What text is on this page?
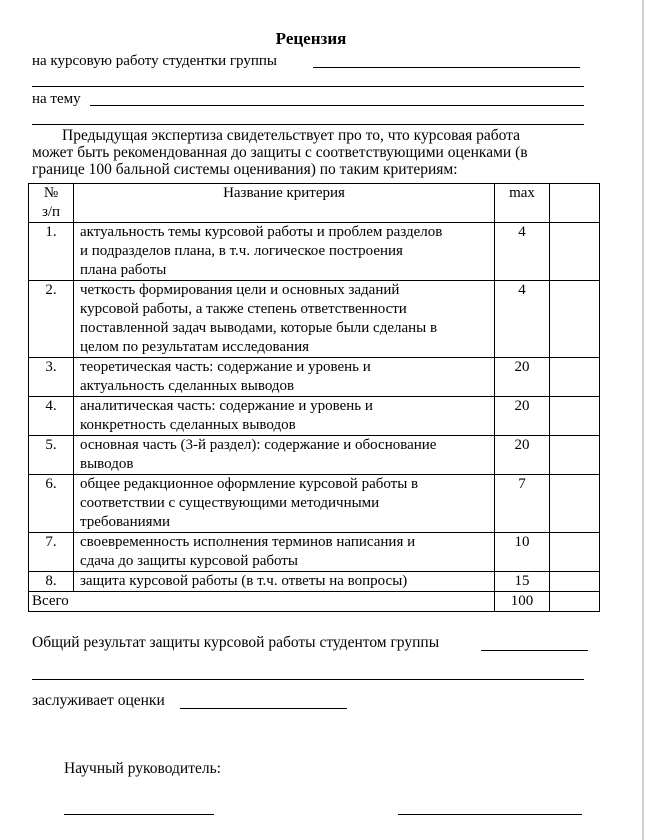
Рецензия
на курсовую работу студентки группы
на тему
Предыдущая экспертиза свидетельствует про то, что курсовая работа
может быть рекомендованная до защиты с соответствующими оценками (в
границе 100 бальной системы оценивания) по таким критериям:
№
з/п	Название критерия	max	
1.	актуальность темы курсовой работы и проблем разделов
и подразделов плана, в т.ч. логическое построения
плана работы	4	
2.	четкость формирования цели и основных заданий
курсовой работы, а также степень ответственности
поставленной задач выводами, которые были сделаны в
целом по результатам исследования	4	
3.	теоретическая часть: содержание и уровень и
актуальность сделанных выводов	20	
4.	аналитическая часть: содержание и уровень и
конкретность сделанных выводов	20	
5.	основная часть (3-й раздел): содержание и обоснование
выводов	20	
6.	общее редакционное оформление курсовой работы в
соответствии с существующими методичными
требованиями	7	
7.	своевременность исполнения терминов написания и
сдача до защиты курсовой работы	10	
8.	защита курсовой работы (в т.ч. ответы на вопросы)	15	
Всего		100	
Общий результат защиты курсовой работы студентом группы
заслуживает оценки
Научный руководитель:
